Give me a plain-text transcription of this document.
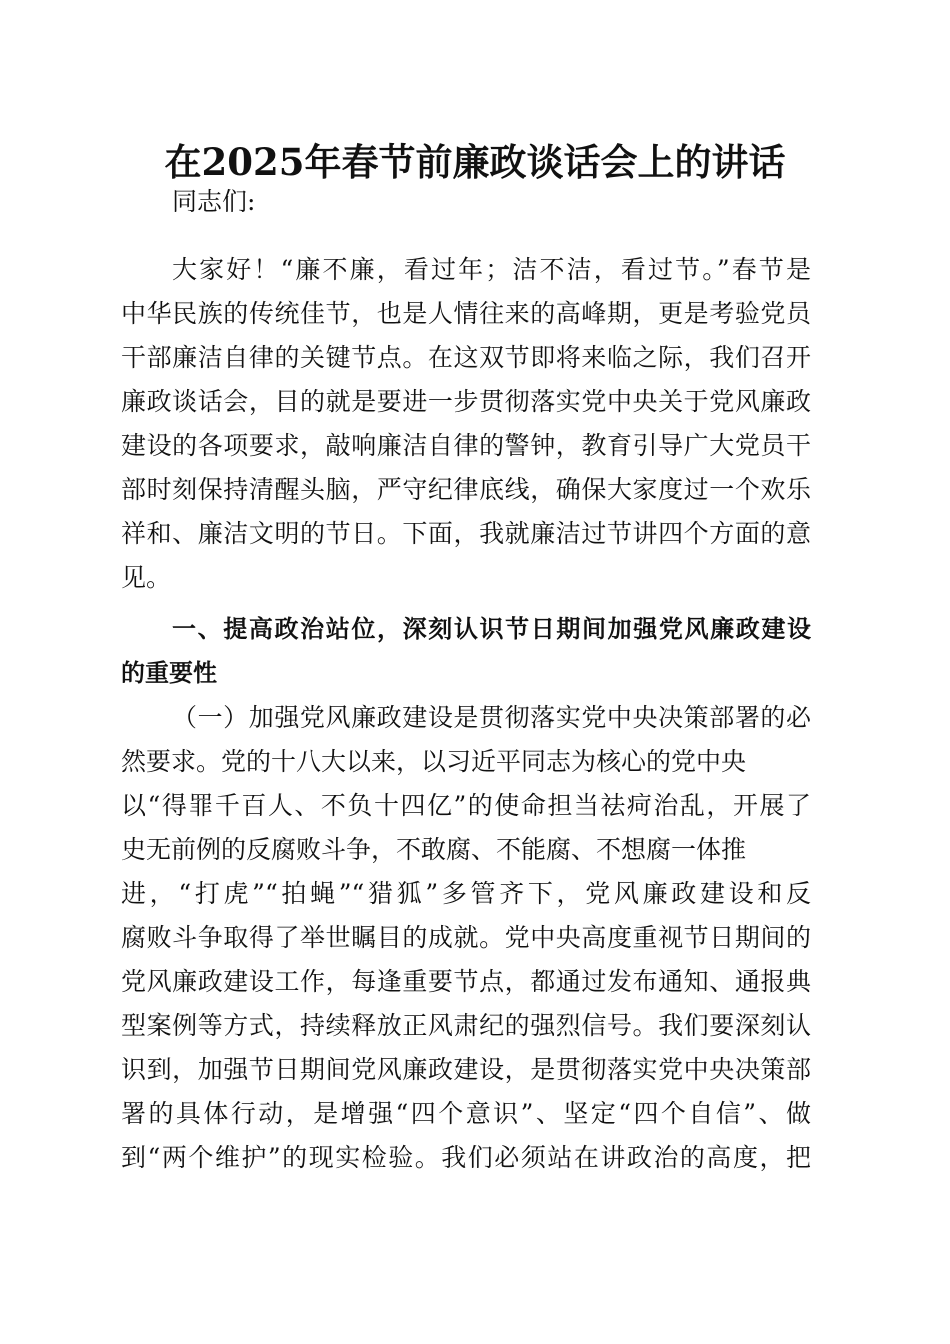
在2025年春节前廉政谈话会上的讲话

同志们:

大家好！“廉不廉，看过年；洁不洁，看过节。”春节是

中华民族的传统佳节，也是人情往来的高峰期，更是考验党员

干部廉洁自律的关键节点。在这双节即将来临之际，我们召开

廉政谈话会，目的就是要进一步贯彻落实党中央关于党风廉政

建设的各项要求，敲响廉洁自律的警钟，教育引导广大党员干

部时刻保持清醒头脑，严守纪律底线，确保大家度过一个欢乐

祥和、廉洁文明的节日。下面，我就廉洁过节讲四个方面的意

见。

一、提高政治站位，深刻认识节日期间加强党风廉政建设

的重要性

（一）加强党风廉政建设是贯彻落实党中央决策部署的必

然要求。党的十八大以来，以习近平同志为核心的党中央

以“得罪千百人、不负十四亿”的使命担当祛疴治乱，开展了

史无前例的反腐败斗争，不敢腐、不能腐、不想腐一体推

进，“打虎”“拍蝇”“猎狐”多管齐下，党风廉政建设和反

腐败斗争取得了举世瞩目的成就。党中央高度重视节日期间的

党风廉政建设工作，每逢重要节点，都通过发布通知、通报典

型案例等方式，持续释放正风肃纪的强烈信号。我们要深刻认

识到，加强节日期间党风廉政建设，是贯彻落实党中央决策部

署的具体行动，是增强“四个意识”、坚定“四个自信”、做

到“两个维护”的现实检验。我们必须站在讲政治的高度，把
